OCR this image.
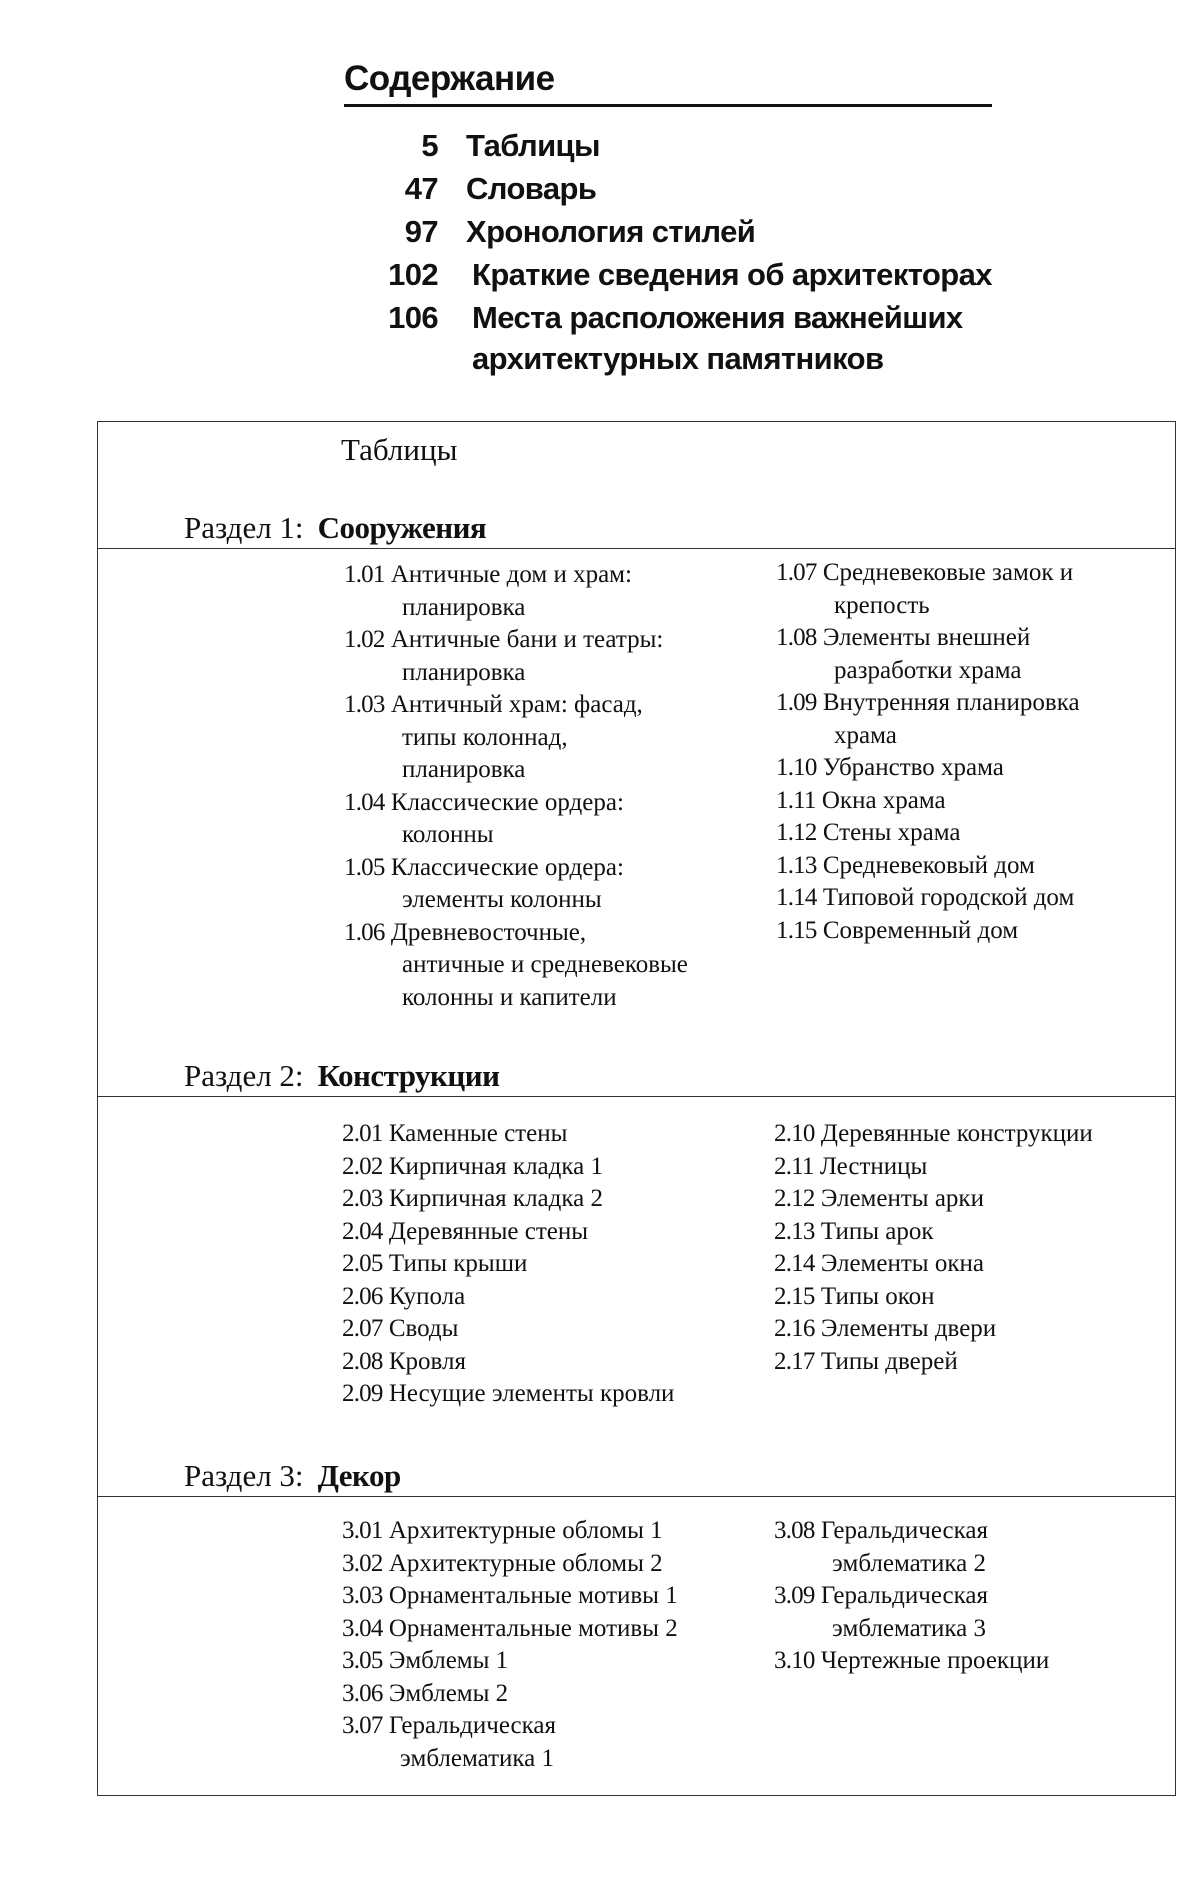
Содержание
5 Таблицы
47 Словарь
97 Хронология стилей
102	Краткие сведения об архитекторах
106	Места расположения важнейших
архитектурных памятников
Таблицы
Раздел 1: Сооружения
1.01 Античные дом и храм:
планировка
1.02 Античные бани и театры:
планировка
1.03 Античный храм: фасад,
типы колоннад,
планировка
1.04 Классические ордера:
колонны
1.05 Классические ордера:
элементы колонны
1.06 Древневосточные,
античные и средневековые
колонны и капители
1.07 Средневековые замок и
крепость
1.08 Элементы внешней
разработки храма
1.09 Внутренняя планировка
храма
1.10 Убранство храма
1.11 Окна храма
1.12 Стены храма
1.13 Средневековый дом
1.14 Типовой городской дом
1.15 Современный дом
Раздел 2: Конструкции
2.01 Каменные стены
2.02 Кирпичная кладка 1
2.03 Кирпичная кладка 2
2.04 Деревянные стены
2.05 Типы крыши
2.06 Купола
2.07 Своды
2.08 Кровля
2.09 Несущие элементы кровли
2.10 Деревянные конструкции
2.11 Лестницы
2.12 Элементы арки
2.13 Типы арок
2.14 Элементы окна
2.15 Типы окон
2.16 Элементы двери
2.17 Типы дверей
Раздел 3: Декор
3.01 Архитектурные обломы 1
3.02 Архитектурные обломы 2
3.03 Орнаментальные мотивы 1
3.04 Орнаментальные мотивы 2
3.05 Эмблемы 1
3.06 Эмблемы 2
3.07 Геральдическая
эмблематика 1
3.08 Геральдическая
эмблематика 2
3.09 Геральдическая
эмблематика 3
3.10 Чертежные проекции
